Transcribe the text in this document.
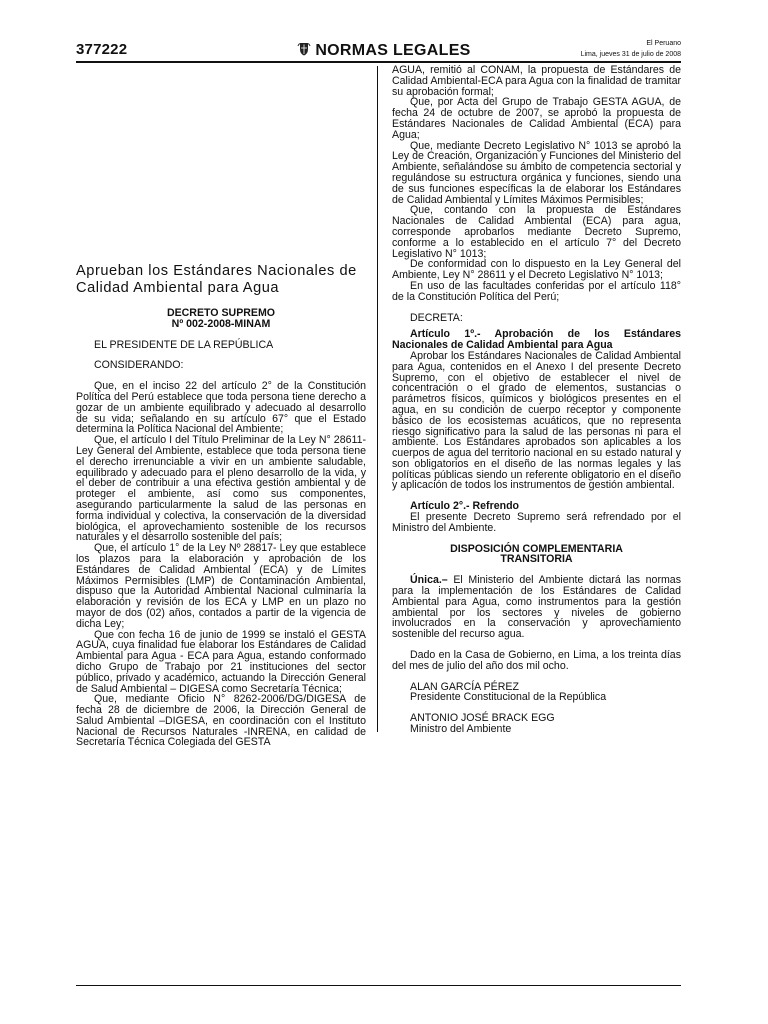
377222	NORMAS LEGALES	El Peruano
Lima, jueves 31 de julio de 2008
Aprueban los Estándares Nacionales de Calidad Ambiental para Agua

DECRETO SUPREMO

Nº 002-2008-MINAM

EL PRESIDENTE DE LA REPÚBLICA

CONSIDERANDO:

Que, en el inciso 22 del artículo 2° de la Constitución Política del Perú establece que toda persona tiene derecho a gozar de un ambiente equilibrado y adecuado al desarrollo de su vida; señalando en su artículo 67° que el Estado determina la Política Nacional del Ambiente;

Que, el artículo I del Título Preliminar de la Ley N° 28611- Ley General del Ambiente, establece que toda persona tiene el derecho irrenunciable a vivir en un ambiente saludable, equilibrado y adecuado para el pleno desarrollo de la vida, y el deber de contribuir a una efectiva gestión ambiental y de proteger el ambiente, así como sus componentes, asegurando particularmente la salud de las personas en forma individual y colectiva, la conservación de la diversidad biológica, el aprovechamiento sostenible de los recursos naturales y el desarrollo sostenible del país;

Que, el artículo 1° de la Ley Nº 28817- Ley que establece los plazos para la elaboración y aprobación de los Estándares de Calidad Ambiental (ECA) y de Límites Máximos Permisibles (LMP) de Contaminación Ambiental, dispuso que la Autoridad Ambiental Nacional culminaría la elaboración y revisión de los ECA y LMP en un plazo no mayor de dos (02) años, contados a partir de la vigencia de dicha Ley;

Que con fecha 16 de junio de 1999 se instaló el GESTA AGUA, cuya finalidad fue elaborar los Estándares de Calidad Ambiental para Agua - ECA para Agua, estando conformado dicho Grupo de Trabajo por 21 instituciones del sector público, privado y académico, actuando la Dirección General de Salud Ambiental – DIGESA como Secretaría Técnica;

Que, mediante Oficio N° 8262-2006/DG/DIGESA de fecha 28 de diciembre de 2006, la Dirección General de Salud Ambiental –DIGESA, en coordinación con el Instituto Nacional de Recursos Naturales -INRENA, en calidad de Secretaría Técnica Colegiada del GESTA

AGUA, remitió al CONAM, la propuesta de Estándares de Calidad Ambiental-ECA para Agua con la finalidad de tramitar su aprobación formal;

Que, por Acta del Grupo de Trabajo GESTA AGUA, de fecha 24 de octubre de 2007, se aprobó la propuesta de Estándares Nacionales de Calidad Ambiental (ECA) para Agua;

Que, mediante Decreto Legislativo N° 1013 se aprobó la Ley de Creación, Organización y Funciones del Ministerio del Ambiente, señalándose su ámbito de competencia sectorial y regulándose su estructura orgánica y funciones, siendo una de sus funciones específicas la de elaborar los Estándares de Calidad Ambiental y Límites Máximos Permisibles;

Que, contando con la propuesta de Estándares Nacionales de Calidad Ambiental (ECA) para agua, corresponde aprobarlos mediante Decreto Supremo, conforme a lo establecido en el artículo 7° del Decreto Legislativo N° 1013;

De conformidad con lo dispuesto en la Ley General del Ambiente, Ley N° 28611 y el Decreto Legislativo N° 1013;

En uso de las facultades conferidas por el artículo 118° de la Constitución Política del Perú;

DECRETA:

Artículo 1º.- Aprobación de los Estándares Nacionales de Calidad Ambiental para Agua

Aprobar los Estándares Nacionales de Calidad Ambiental para Agua, contenidos en el Anexo I del presente Decreto Supremo, con el objetivo de establecer el nivel de concentración o el grado de elementos, sustancias o parámetros físicos, químicos y biológicos presentes en el agua, en su condición de cuerpo receptor y componente básico de los ecosistemas acuáticos, que no representa riesgo significativo para la salud de las personas ni para el ambiente. Los Estándares aprobados son aplicables a los cuerpos de agua del territorio nacional en su estado natural y son obligatorios en el diseño de las normas legales y las políticas públicas siendo un referente obligatorio en el diseño y aplicación de todos los instrumentos de gestión ambiental.

Artículo 2°.- Refrendo

El presente Decreto Supremo será refrendado por el Ministro del Ambiente.

DISPOSICIÓN COMPLEMENTARIA

TRANSITORIA

Única.– El Ministerio del Ambiente dictará las normas para la implementación de los Estándares de Calidad Ambiental para Agua, como instrumentos para la gestión ambiental por los sectores y niveles de gobierno involucrados en la conservación y aprovechamiento sostenible del recurso agua.

Dado en la Casa de Gobierno, en Lima, a los treinta días del mes de julio del año dos mil ocho.

ALAN GARCÍA PÉREZ

Presidente Constitucional de la República

ANTONIO JOSÉ BRACK EGG

Ministro del Ambiente
